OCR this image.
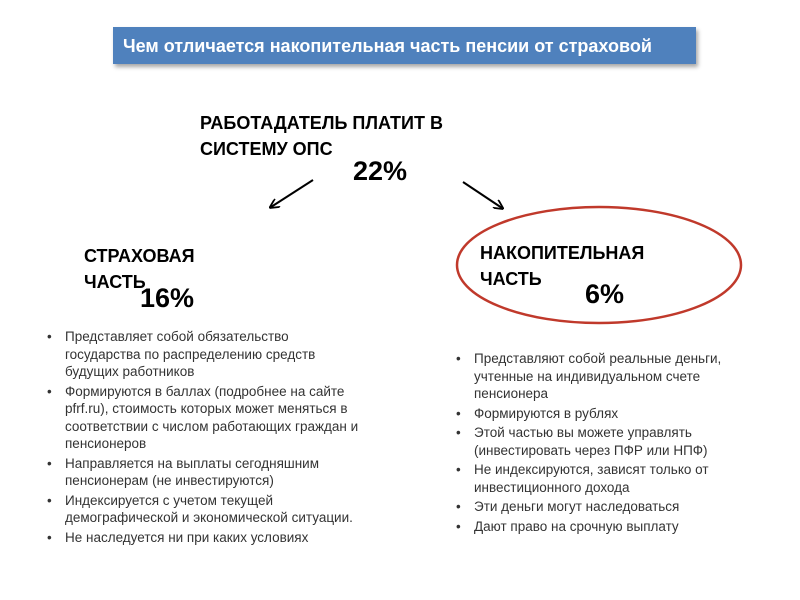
Чем отличается накопительная часть пенсии от страховой
РАБОТАДАТЕЛЬ ПЛАТИТ В
СИСТЕМУ ОПС
22%
СТРАХОВАЯ
ЧАСТЬ
16%
НАКОПИТЕЛЬНАЯ
ЧАСТЬ	6%
• Представляет собой обязательство государства по распределению средств будущих работников
• Формируются в баллах (подробнее на сайте pfrf.ru), стоимость которых может меняться в соответствии с числом работающих граждан и пенсионеров
• Направляется на выплаты сегодняшним пенсионерам (не инвестируются)
• Индексируется с учетом текущей демографической и экономической ситуации.
• Не наследуется ни при каких условиях
• Представляют собой реальные деньги, учтенные на индивидуальном счете пенсионера
• Формируются в рублях
• Этой частью вы можете управлять (инвестировать через ПФР или НПФ)
• Не индексируются, зависят только от инвестиционного дохода
• Эти деньги могут наследоваться
• Дают право на срочную выплату
